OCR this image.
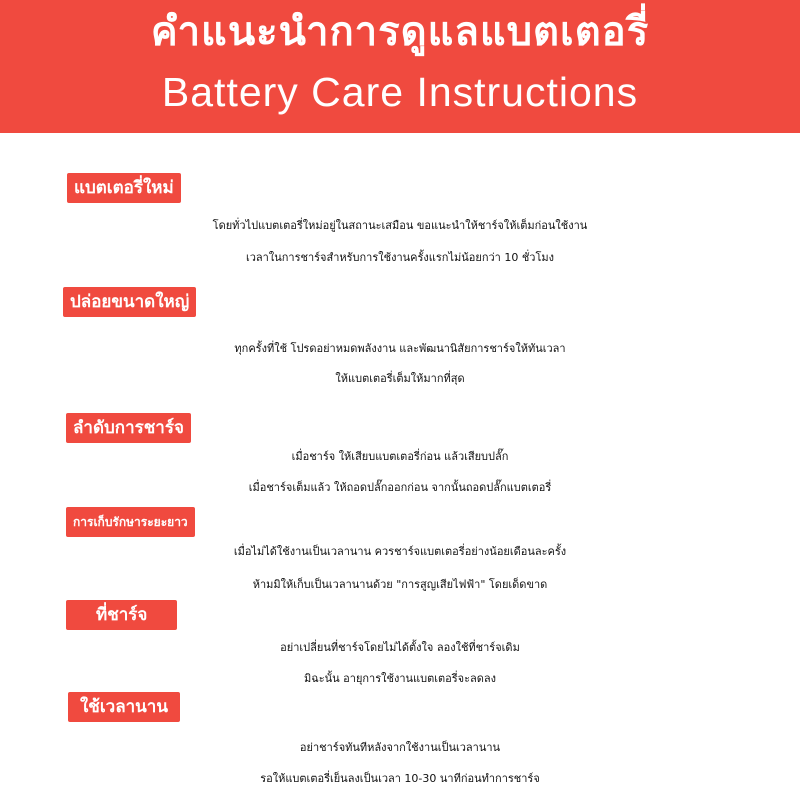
คำแนะนำการดูแลแบตเตอรี่
Battery Care Instructions
แบตเตอรี่ใหม่
โดยทั่วไปแบตเตอรี่ใหม่อยู่ในสถานะเสมือน ขอแนะนำให้ชาร์จให้เต็มก่อนใช้งาน
เวลาในการชาร์จสำหรับการใช้งานครั้งแรกไม่น้อยกว่า 10 ชั่วโมง
ปล่อยขนาดใหญ่
ทุกครั้งที่ใช้ โปรดอย่าหมดพลังงาน และพัฒนานิสัยการชาร์จให้ทันเวลา
ให้แบตเตอรี่เต็มให้มากที่สุด
ลำดับการชาร์จ
เมื่อชาร์จ ให้เสียบแบตเตอรี่ก่อน แล้วเสียบปลั๊ก
เมื่อชาร์จเต็มแล้ว ให้ถอดปลั๊กออกก่อน จากนั้นถอดปลั๊กแบตเตอรี่
การเก็บรักษาระยะยาว
เมื่อไม่ได้ใช้งานเป็นเวลานาน ควรชาร์จแบตเตอรี่อย่างน้อยเดือนละครั้ง
ห้ามมิให้เก็บเป็นเวลานานด้วย "การสูญเสียไฟฟ้า" โดยเด็ดขาด
ที่ชาร์จ
อย่าเปลี่ยนที่ชาร์จโดยไม่ได้ตั้งใจ ลองใช้ที่ชาร์จเดิม
มิฉะนั้น อายุการใช้งานแบตเตอรี่จะลดลง
ใช้เวลานาน
อย่าชาร์จทันทีหลังจากใช้งานเป็นเวลานาน
รอให้แบตเตอรี่เย็นลงเป็นเวลา 10-30 นาทีก่อนทำการชาร์จ
